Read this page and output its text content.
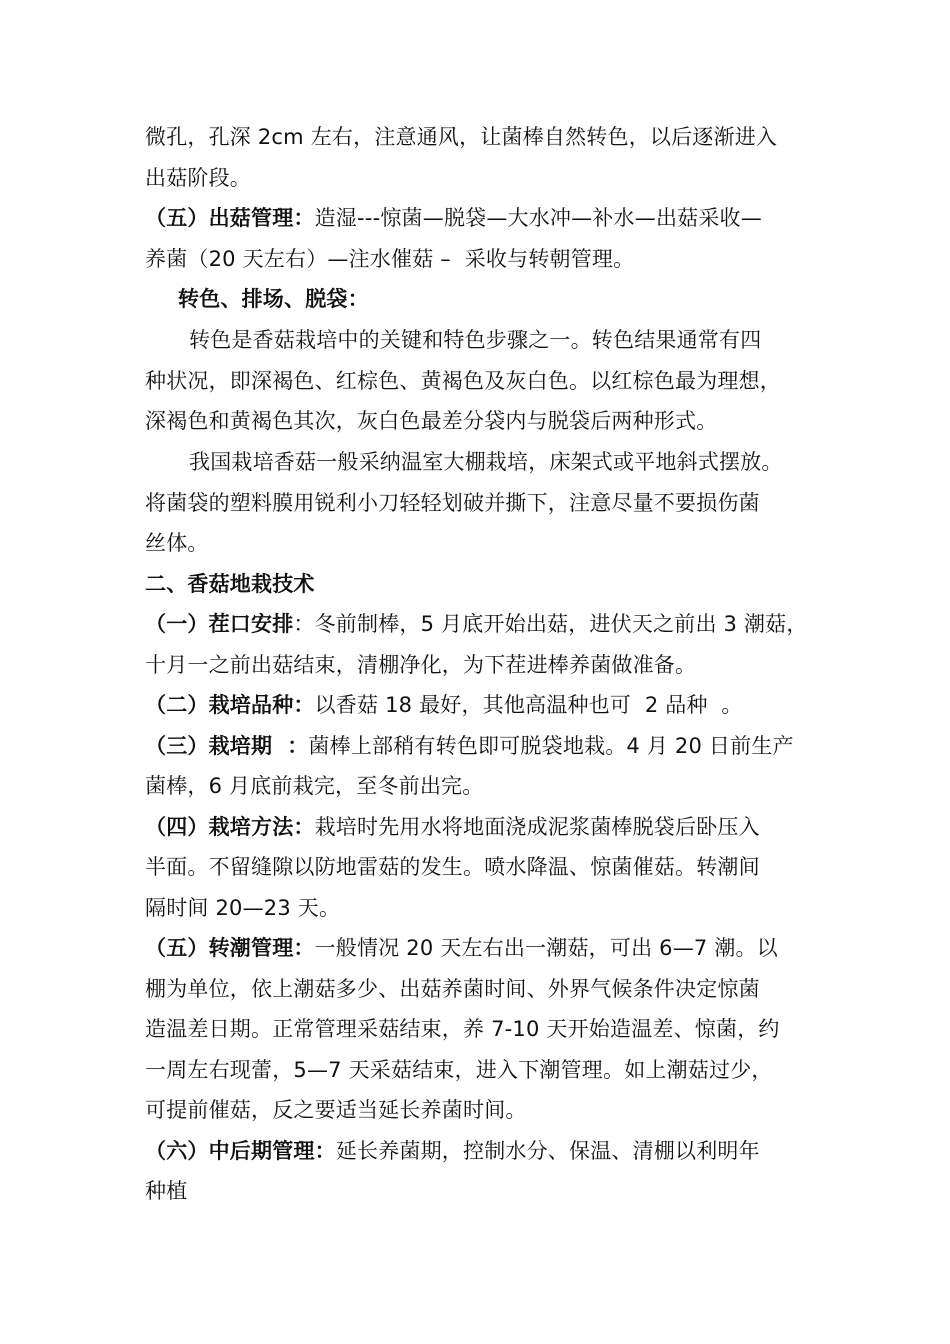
微孔，孔深 2cm 左右，注意通风，让菌棒自然转色，以后逐渐进入
出菇阶段。
（五）出菇管理：造湿---惊菌—脱袋—大水冲—补水—出菇采收—
养菌（20 天左右）—注水催菇 –  采收与转朝管理。
转色、排场、脱袋：
转色是香菇栽培中的关键和特色步骤之一。转色结果通常有四
种状况，即深褐色、红棕色、黄褐色及灰白色。以红棕色最为理想，
深褐色和黄褐色其次，灰白色最差分袋内与脱袋后两种形式。
我国栽培香菇一般采纳温室大棚栽培，床架式或平地斜式摆放。
将菌袋的塑料膜用锐利小刀轻轻划破并撕下，注意尽量不要损伤菌
丝体。
二、香菇地栽技术
（一）茬口安排：冬前制棒，5 月底开始出菇，进伏天之前出 3 潮菇，
十月一之前出菇结束，清棚净化，为下茬进棒养菌做准备。
（二）栽培品种：以香菇 18 最好，其他高温种也可  2 品种  。
（三）栽培期  ：菌棒上部稍有转色即可脱袋地栽。4 月 20 日前生产
菌棒，6 月底前栽完，至冬前出完。
（四）栽培方法：栽培时先用水将地面浇成泥浆菌棒脱袋后卧压入
半面。不留缝隙以防地雷菇的发生。喷水降温、惊菌催菇。转潮间
隔时间 20—23 天。
（五）转潮管理：一般情况 20 天左右出一潮菇，可出 6—7 潮。以
棚为单位，依上潮菇多少、出菇养菌时间、外界气候条件决定惊菌
造温差日期。正常管理采菇结束，养 7-10 天开始造温差、惊菌，约
一周左右现蕾，5—7 天采菇结束，进入下潮管理。如上潮菇过少，
可提前催菇，反之要适当延长养菌时间。
（六）中后期管理：延长养菌期，控制水分、保温、清棚以利明年
种植
